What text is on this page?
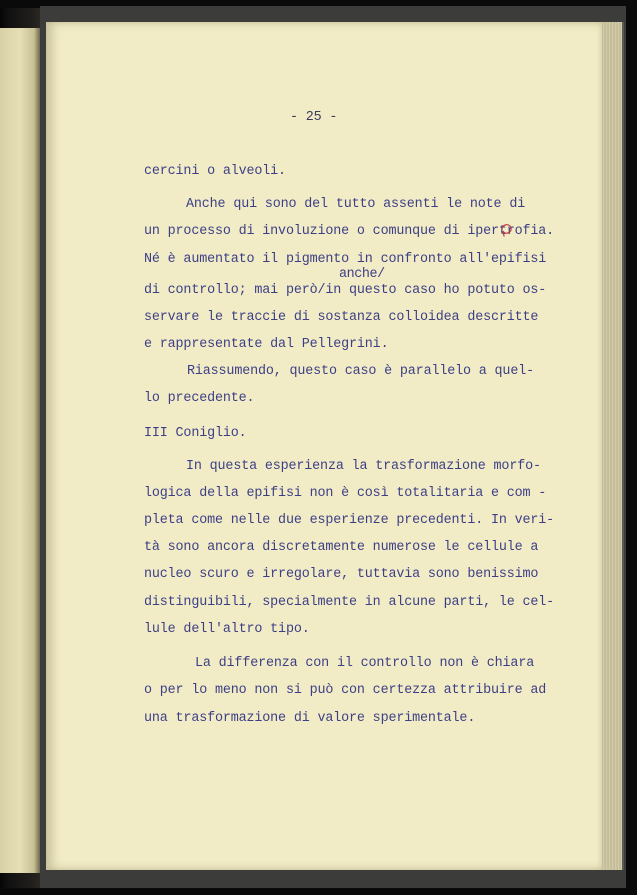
- 25 -
cercini o alveoli.
Anche qui sono del tutto assenti le note di
un processo di involuzione o comunque di ipertrofia.
Né è aumentato il pigmento in confronto all'epifisi
anche/
di controllo; mai però/in questo caso ho potuto os-
servare le traccie di sostanza colloidea descritte
e rappresentate dal Pellegrini.
Riassumendo, questo caso è parallelo a quel-
lo precedente.
III Coniglio.
In questa esperienza la trasformazione morfo-
logica della epifisi non è così totalitaria e com -
pleta come nelle due esperienze precedenti. In veri-
tà sono ancora discretamente numerose le cellule a
nucleo scuro e irregolare, tuttavia sono benissimo
distinguibili, specialmente in alcune parti, le cel-
lule dell'altro tipo.
La differenza con il controllo non è chiara
o per lo meno non si può con certezza attribuire ad
una trasformazione di valore sperimentale.
